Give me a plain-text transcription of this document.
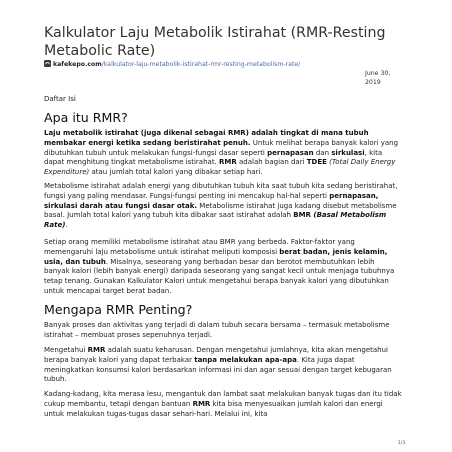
Kalkulator Laju Metabolik Istirahat (RMR-Resting Metabolic Rate)
kafekepo.com/kalkulator-laju-metabolik-istirahat-rmr-resting-metabolism-rate/
June 30,
2019
Daftar Isi
Apa itu RMR?

Laju metabolik istirahat (juga dikenal sebagai RMR) adalah tingkat di mana tubuh membakar energi ketika sedang beristirahat penuh. Untuk melihat berapa banyak kalori yang dibutuhkan tubuh untuk melakukan fungsi-fungsi dasar seperti pernapasan dan sirkulasi, kita dapat menghitung tingkat metabolisme istirahat. RMR adalah bagian dari TDEE (Total Daily Energy Expenditure) atau jumlah total kalori yang dibakar setiap hari.

Metabolisme istirahat adalah energi yang dibutuhkan tubuh kita saat tubuh kita sedang beristirahat, fungsi yang paling mendasar. Fungsi-fungsi penting ini mencakup hal-hal seperti pernapasan, sirkulasi darah atau fungsi dasar otak. Metabolisme istirahat juga kadang disebut metabolisme basal. Jumlah total kalori yang tubuh kita dibakar saat istirahat adalah BMR (Basal Metabolism Rate).

Setiap orang memiliki metabolisme istirahat atau BMR yang berbeda. Faktor-faktor yang memengaruhi laju metabolisme untuk istirahat meliputi komposisi berat badan, jenis kelamin, usia, dan tubuh. Misalnya, seseorang yang berbadan besar dan berotot membutuhkan lebih banyak kalori (lebih banyak energi) daripada seseorang yang sangat kecil untuk menjaga tubuhnya tetap tenang. Gunakan Kalkulator Kalori untuk mengetahui berapa banyak kalori yang dibutuhkan untuk mencapai target berat badan.

Mengapa RMR Penting?

Banyak proses dan aktivitas yang terjadi di dalam tubuh secara bersama – termasuk metabolisme istirahat – membuat proses sepenuhnya terjadi.

Mengetahui RMR adalah suatu keharusan. Dengan mengetahui jumlahnya, kita akan mengetahui berapa banyak kalori yang dapat terbakar tanpa melakukan apa-apa. Kita juga dapat meningkatkan konsumsi kalori berdasarkan informasi ini dan agar sesuai dengan target kebugaran tubuh.

Kadang-kadang, kita merasa lesu, mengantuk dan lambat saat melakukan banyak tugas dan itu tidak cukup membantu, tetapi dengan bantuan RMR kita bisa menyesuaikan jumlah kalori dan energi untuk melakukan tugas-tugas dasar sehari-hari. Melalui ini, kita

1/3
